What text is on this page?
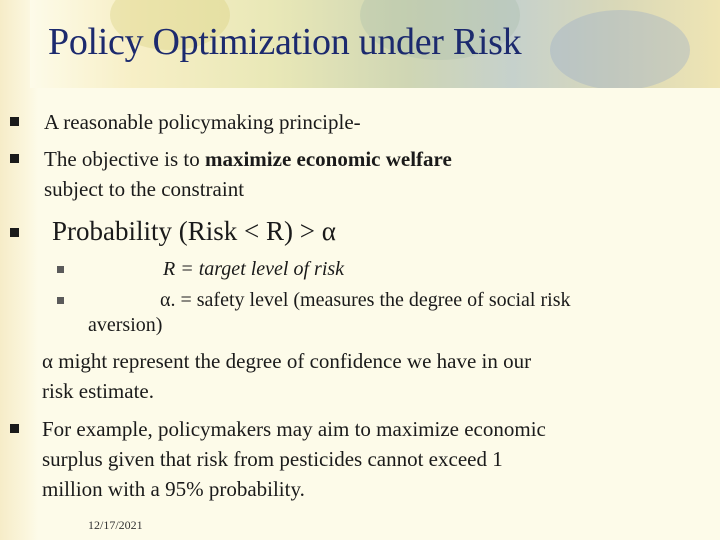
Policy Optimization under Risk
A reasonable policymaking principle-
The objective is to maximize economic welfare
subject to the constraint
Probability (Risk < R) > α
R = target level of risk
α. = safety level (measures the degree of social risk
aversion)
α might represent the degree of confidence we have in our
risk estimate.
For example, policymakers may aim to maximize economic
surplus given that risk from pesticides cannot exceed 1
million with a 95% probability.
12/17/2021
